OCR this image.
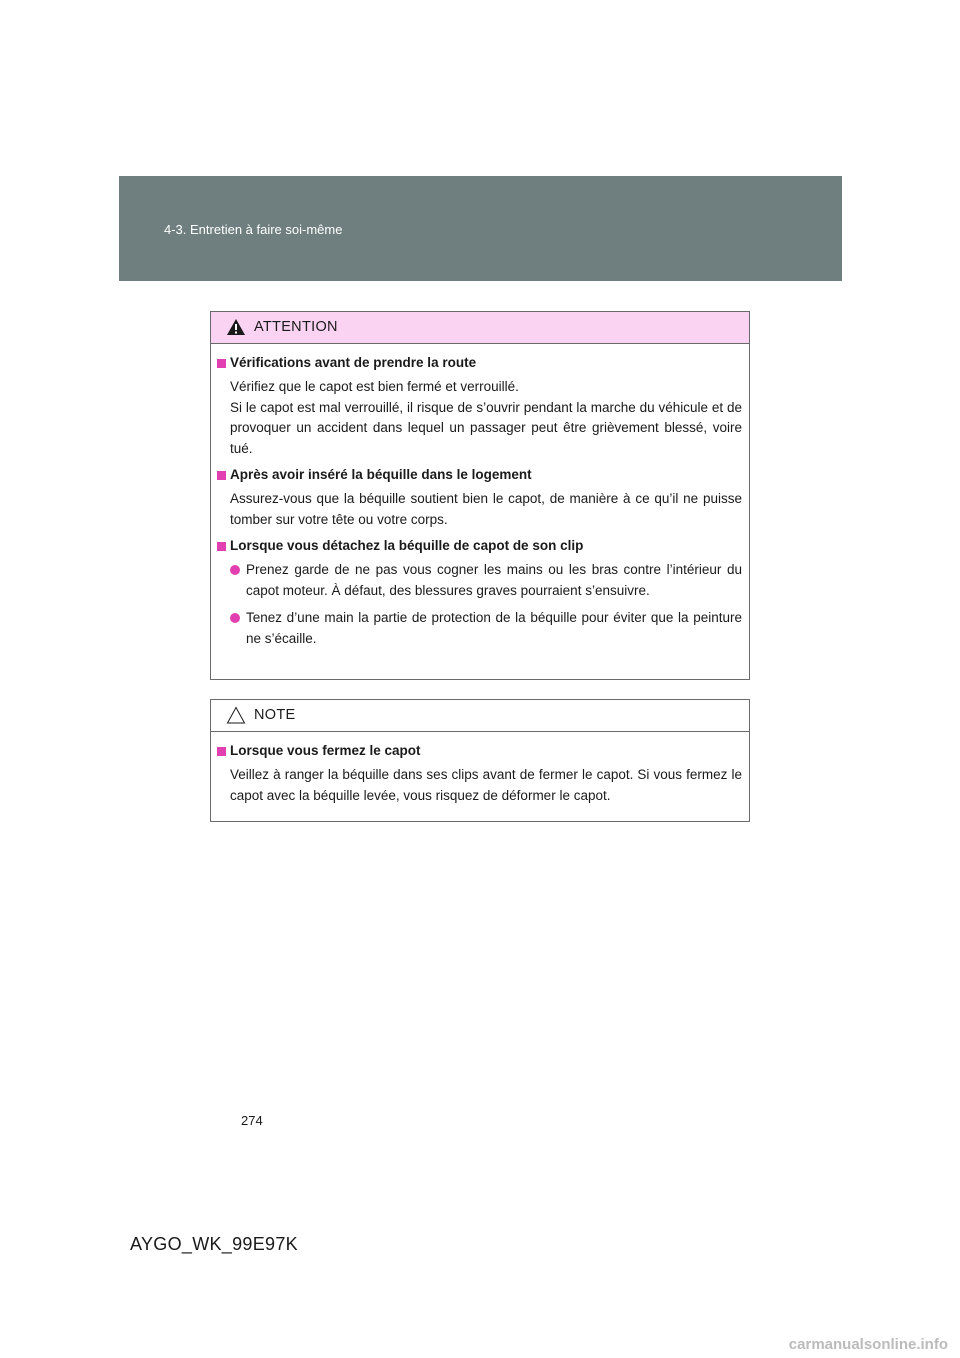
4-3. Entretien à faire soi-même
ATTENTION
Vérifications avant de prendre la route

Vérifiez que le capot est bien fermé et verrouillé.

Si le capot est mal verrouillé, il risque de s’ouvrir pendant la marche du véhicule et de provoquer un accident dans lequel un passager peut être grièvement blessé, voire tué.

Après avoir inséré la béquille dans le logement

Assurez-vous que la béquille soutient bien le capot, de manière à ce qu’il ne puisse tomber sur votre tête ou votre corps.

Lorsque vous détachez la béquille de capot de son clip
Prenez garde de ne pas vous cogner les mains ou les bras contre l’intérieur du capot moteur. À défaut, des blessures graves pourraient s’ensuivre.
Tenez d’une main la partie de protection de la béquille pour éviter que la peinture ne s’écaille.
NOTE
Lorsque vous fermez le capot

Veillez à ranger la béquille dans ses clips avant de fermer le capot. Si vous fermez le capot avec la béquille levée, vous risquez de déformer le capot.

274
AYGO_WK_99E97K
carmanualsonline.info
